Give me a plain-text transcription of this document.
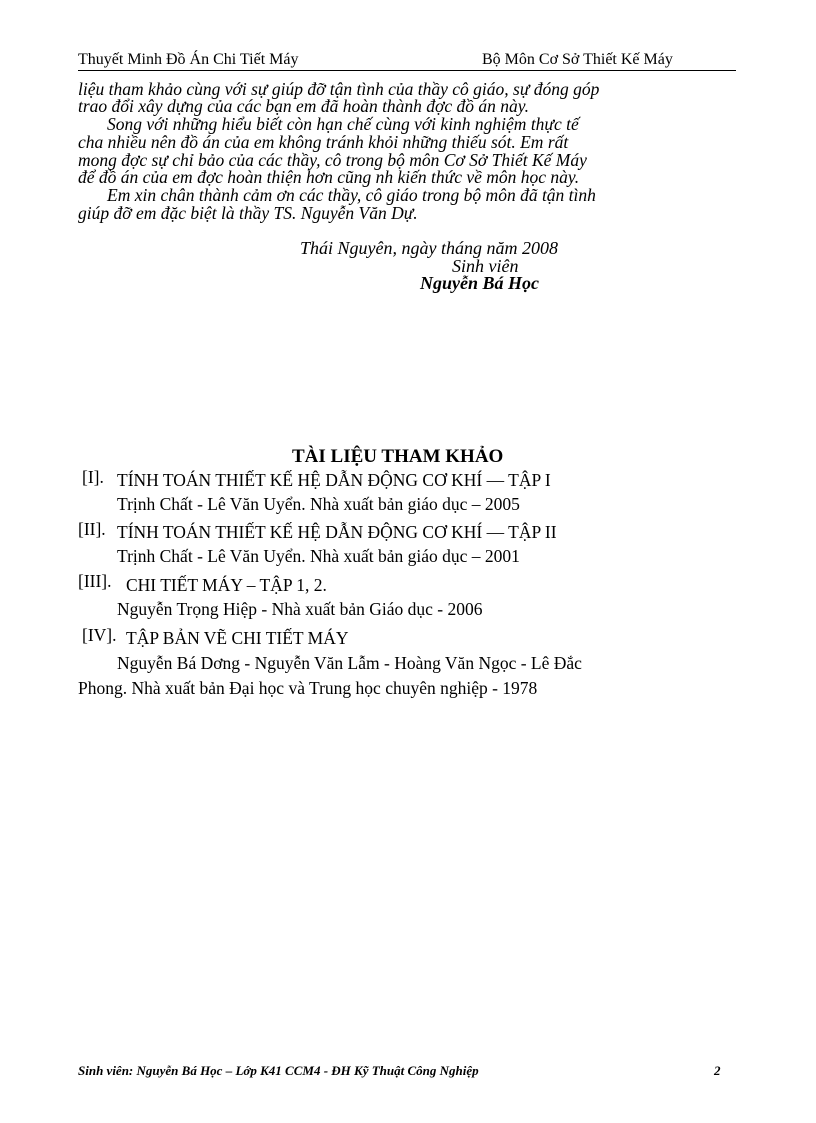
Thuyết Minh Đồ Án Chi Tiết Máy	Bộ Môn Cơ Sở Thiết Kế Máy
liệu tham khảo cùng với sự giúp đỡ tận tình của thầy cô giáo, sự đóng góp
trao đổi xây dựng của các bạn em đã hoàn thành đợc đồ án này.
Song với những hiểu biết còn hạn chế cùng với kinh nghiệm thực tế
cha nhiều nên đồ án của em không tránh khỏi những thiếu sót. Em rất
mong đợc sự chỉ bảo của các thầy, cô trong bộ môn Cơ Sở Thiết Kế Máy
để đồ án của em đợc hoàn thiện hơn cũng nh kiến thức về môn học này.
Em xin chân thành cảm ơn các thầy, cô giáo trong bộ môn đã tận tình
giúp đỡ em đặc biệt là thầy TS. Nguyễn Văn Dự.
Thái Nguyên, ngày tháng năm 2008
Sinh viên
Nguyễn Bá Học
TÀI LIỆU THAM KHẢO
[I]. TÍNH TOÁN THIẾT KẾ HỆ DẪN ĐỘNG CƠ KHÍ — TẬP I
Trịnh Chất - Lê Văn Uyển. Nhà xuất bản giáo dục – 2005
[II]. TÍNH TOÁN THIẾT KẾ HỆ DẪN ĐỘNG CƠ KHÍ — TẬP II
Trịnh Chất - Lê Văn Uyển. Nhà xuất bản giáo dục – 2001
[III]. CHI TIẾT MÁY – TẬP 1, 2.
Nguyễn Trọng Hiệp - Nhà xuất bản Giáo dục - 2006
[IV]. TẬP BẢN VẼ CHI TIẾT MÁY
Nguyễn Bá Dơng - Nguyễn Văn Lẫm - Hoàng Văn Ngọc - Lê Đắc
Phong. Nhà xuất bản Đại học và Trung học chuyên nghiệp - 1978
Sinh viên: Nguyễn Bá Học – Lớp K41 CCM4 - ĐH Kỹ Thuật Công Nghiệp	2
